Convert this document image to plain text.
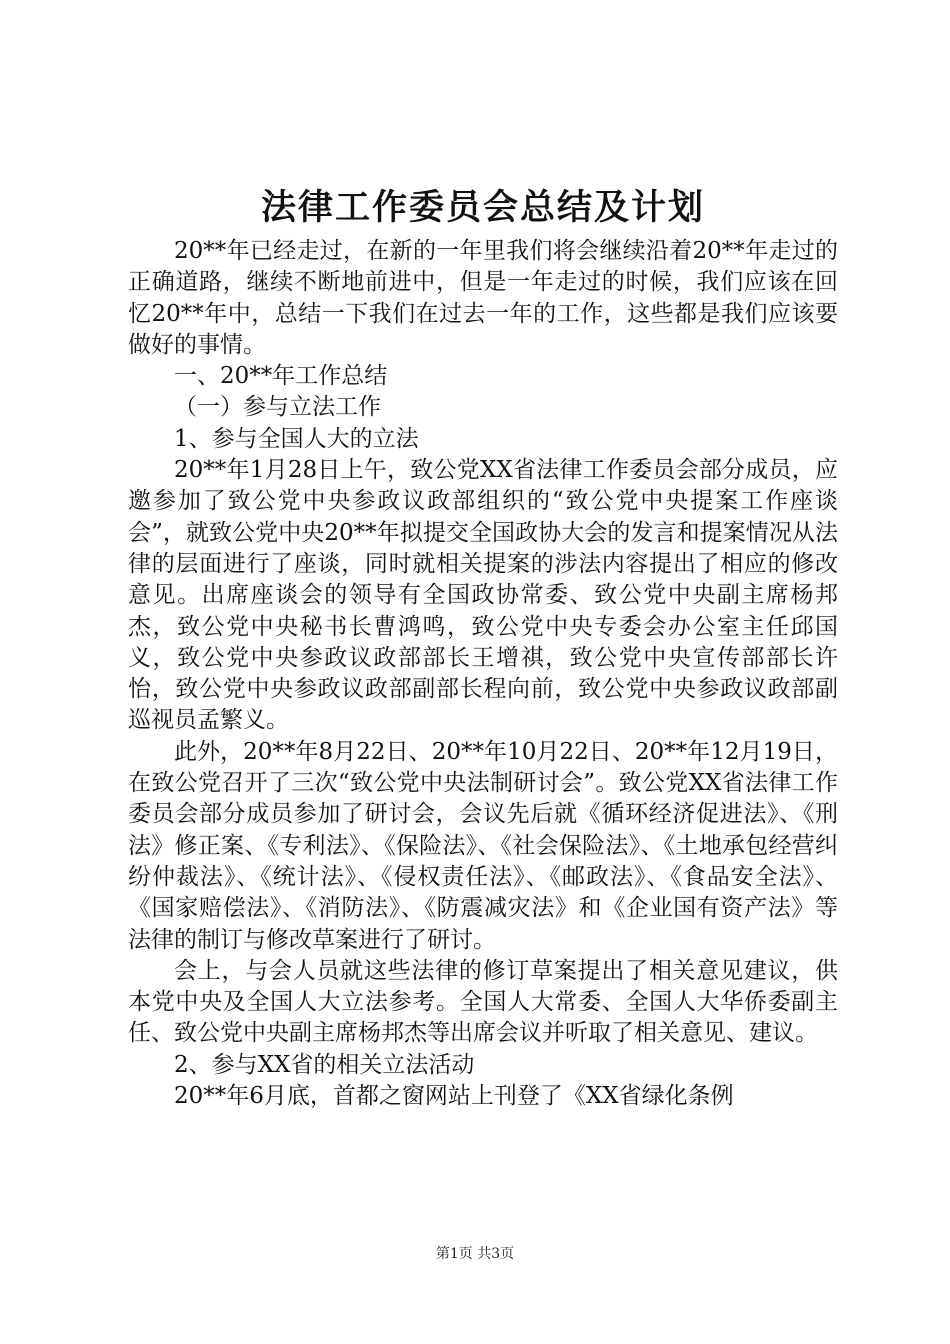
法律工作委员会总结及计划

20**年已经走过，在新的一年里我们将会继续沿着20**年走过的正确道路，继续不断地前进中，但是一年走过的时候，我们应该在回忆20**年中，总结一下我们在过去一年的工作，这些都是我们应该要做好的事情。

一、20**年工作总结

（一）参与立法工作

1、参与全国人大的立法

20**年1月28日上午，致公党XX省法律工作委员会部分成员，应邀参加了致公党中央参政议政部组织的“致公党中央提案工作座谈会”，就致公党中央20**年拟提交全国政协大会的发言和提案情况从法律的层面进行了座谈，同时就相关提案的涉法内容提出了相应的修改意见。出席座谈会的领导有全国政协常委、致公党中央副主席杨邦杰，致公党中央秘书长曹鸿鸣，致公党中央专委会办公室主任邱国义，致公党中央参政议政部部长王增祺，致公党中央宣传部部长许怡，致公党中央参政议政部副部长程向前，致公党中央参政议政部副巡视员孟繁义。

此外，20**年8月22日、20**年10月22日、20**年12月19日，在致公党召开了三次“致公党中央法制研讨会”。致公党XX省法律工作委员会部分成员参加了研讨会，会议先后就《循环经济促进法》、《刑法》修正案、《专利法》、《保险法》、《社会保险法》、《土地承包经营纠纷仲裁法》、《统计法》、《侵权责任法》、《邮政法》、《食品安全法》、《国家赔偿法》、《消防法》、《防震减灾法》和《企业国有资产法》等法律的制订与修改草案进行了研讨。

会上，与会人员就这些法律的修订草案提出了相关意见建议，供本党中央及全国人大立法参考。全国人大常委、全国人大华侨委副主任、致公党中央副主席杨邦杰等出席会议并听取了相关意见、建议。

2、参与XX省的相关立法活动

20**年6月底，首都之窗网站上刊登了《XX省绿化条例

第1页 共3页
